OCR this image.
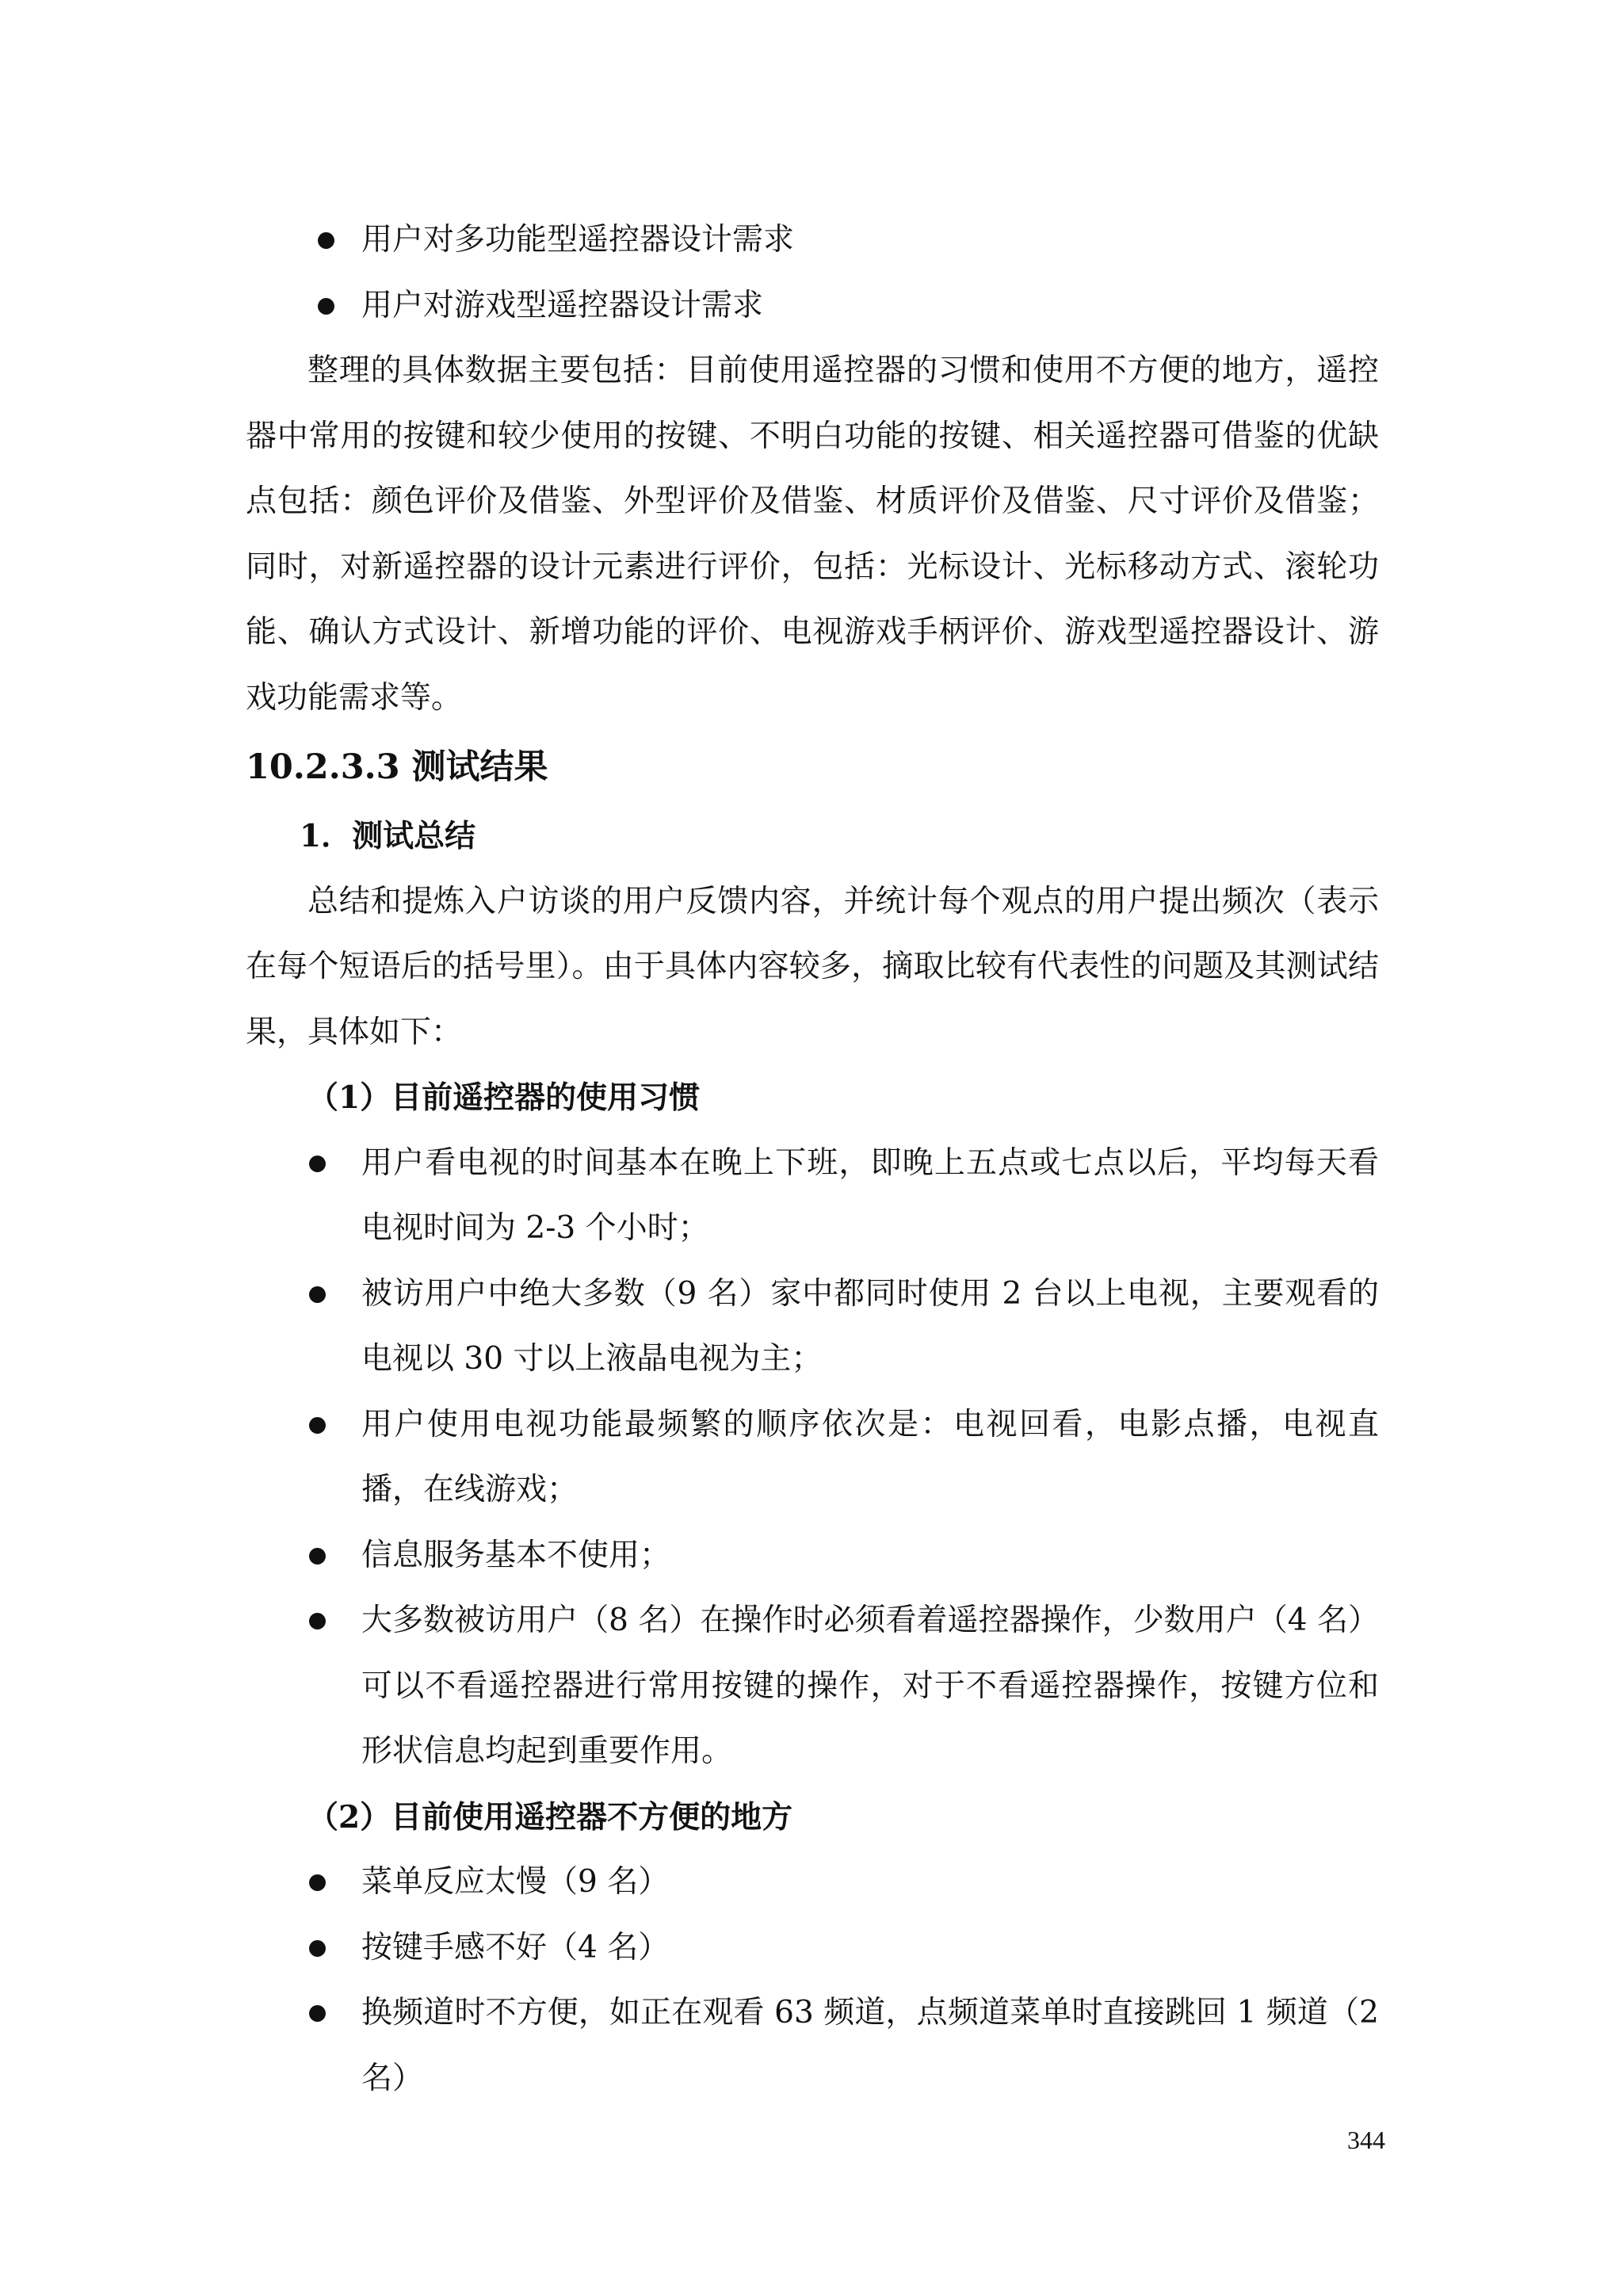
用户对多功能型遥控器设计需求
用户对游戏型遥控器设计需求

整理的具体数据主要包括：目前使用遥控器的习惯和使用不方便的地方，遥控器中常用的按键和较少使用的按键、不明白功能的按键、相关遥控器可借鉴的优缺点包括：颜色评价及借鉴、外型评价及借鉴、材质评价及借鉴、尺寸评价及借鉴；同时，对新遥控器的设计元素进行评价，包括：光标设计、光标移动方式、滚轮功能、确认方式设计、新增功能的评价、电视游戏手柄评价、游戏型遥控器设计、游戏功能需求等。

10.2.3.3 测试结果
1．测试总结

总结和提炼入户访谈的用户反馈内容，并统计每个观点的用户提出频次（表示在每个短语后的括号里）。由于具体内容较多，摘取比较有代表性的问题及其测试结果，具体如下：

（1）目前遥控器的使用习惯
用户看电视的时间基本在晚上下班，即晚上五点或七点以后，平均每天看电视时间为 2-3 个小时；
被访用户中绝大多数（9 名）家中都同时使用 2 台以上电视，主要观看的电视以 30 寸以上液晶电视为主；
用户使用电视功能最频繁的顺序依次是：电视回看，电影点播，电视直播，在线游戏；
信息服务基本不使用；
大多数被访用户（8 名）在操作时必须看着遥控器操作，少数用户（4 名）可以不看遥控器进行常用按键的操作，对于不看遥控器操作，按键方位和形状信息均起到重要作用。
（2）目前使用遥控器不方便的地方
菜单反应太慢（9 名）
按键手感不好（4 名）
换频道时不方便，如正在观看 63 频道，点频道菜单时直接跳回 1 频道（2 名）
344
